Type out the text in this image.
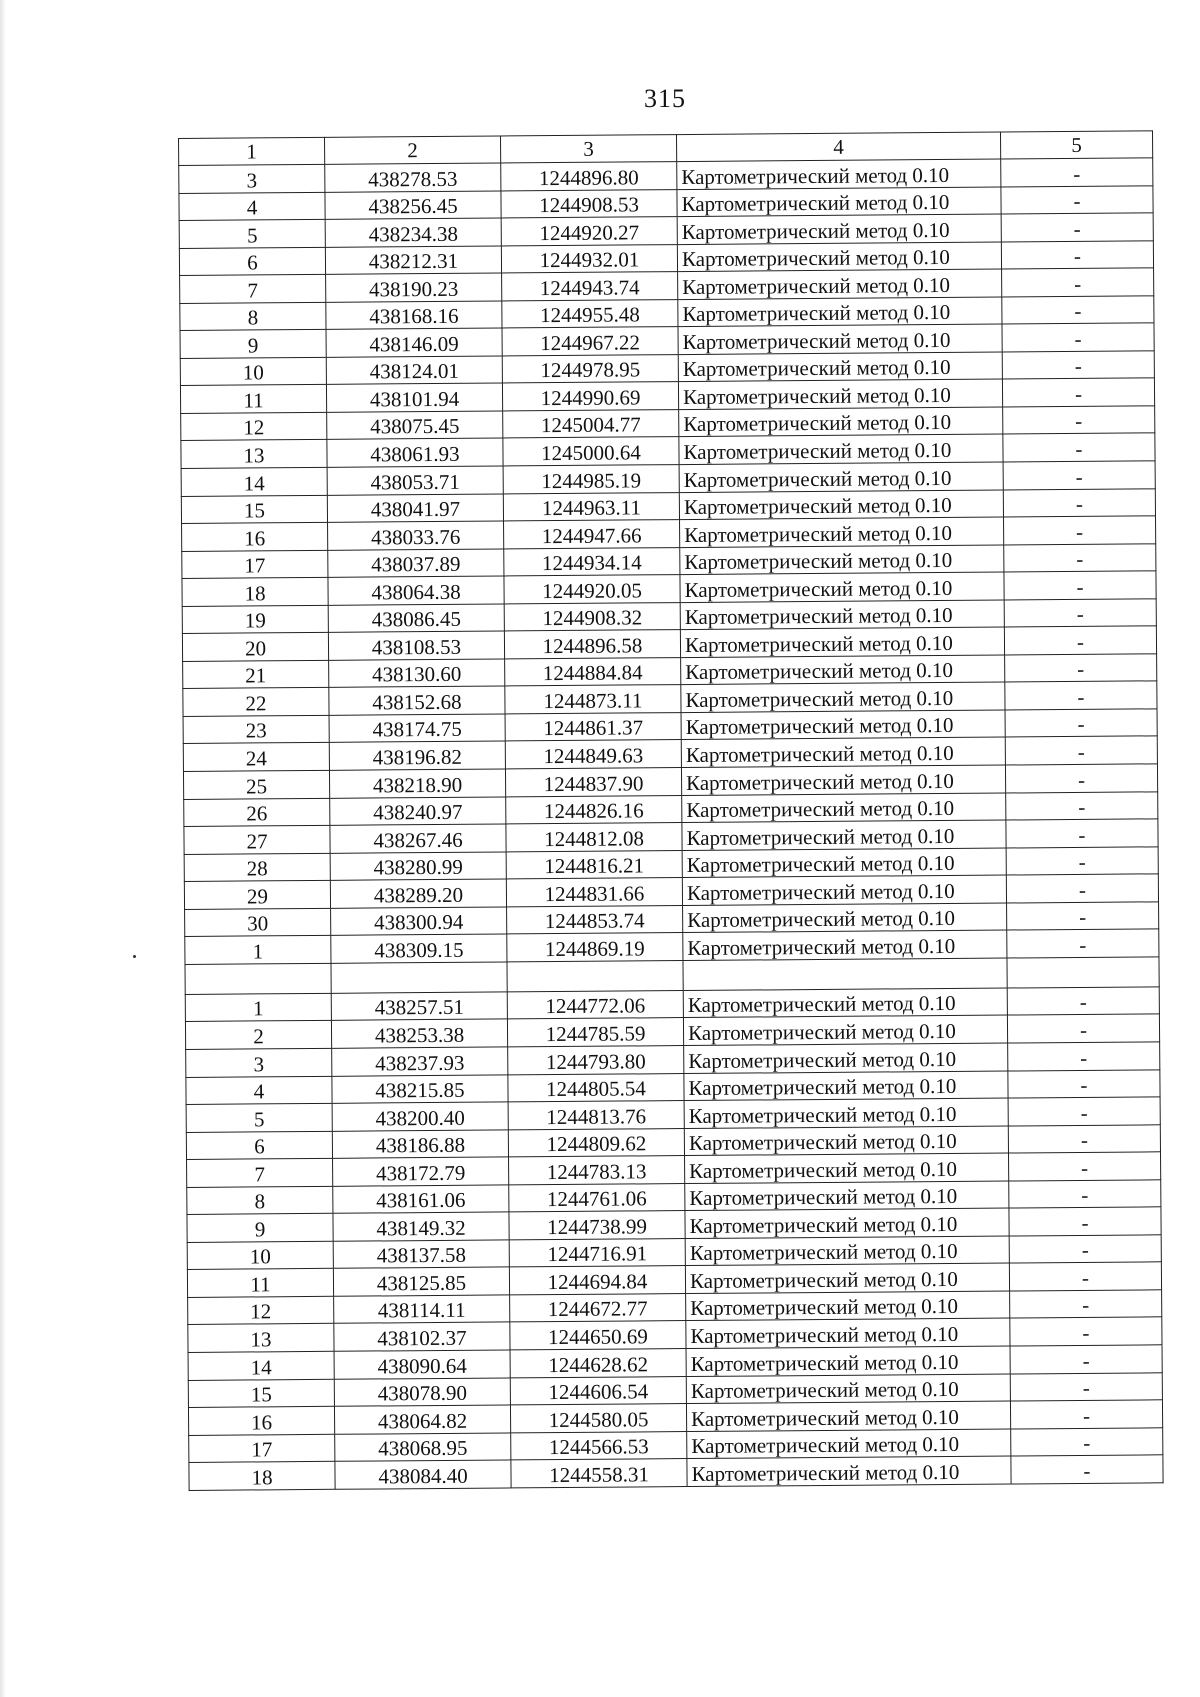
315
1	2	3	4	5
3	438278.53	1244896.80	Картометрический метод 0.10	-
4	438256.45	1244908.53	Картометрический метод 0.10	-
5	438234.38	1244920.27	Картометрический метод 0.10	-
6	438212.31	1244932.01	Картометрический метод 0.10	-
7	438190.23	1244943.74	Картометрический метод 0.10	-
8	438168.16	1244955.48	Картометрический метод 0.10	-
9	438146.09	1244967.22	Картометрический метод 0.10	-
10	438124.01	1244978.95	Картометрический метод 0.10	-
11	438101.94	1244990.69	Картометрический метод 0.10	-
12	438075.45	1245004.77	Картометрический метод 0.10	-
13	438061.93	1245000.64	Картометрический метод 0.10	-
14	438053.71	1244985.19	Картометрический метод 0.10	-
15	438041.97	1244963.11	Картометрический метод 0.10	-
16	438033.76	1244947.66	Картометрический метод 0.10	-
17	438037.89	1244934.14	Картометрический метод 0.10	-
18	438064.38	1244920.05	Картометрический метод 0.10	-
19	438086.45	1244908.32	Картометрический метод 0.10	-
20	438108.53	1244896.58	Картометрический метод 0.10	-
21	438130.60	1244884.84	Картометрический метод 0.10	-
22	438152.68	1244873.11	Картометрический метод 0.10	-
23	438174.75	1244861.37	Картометрический метод 0.10	-
24	438196.82	1244849.63	Картометрический метод 0.10	-
25	438218.90	1244837.90	Картометрический метод 0.10	-
26	438240.97	1244826.16	Картометрический метод 0.10	-
27	438267.46	1244812.08	Картометрический метод 0.10	-
28	438280.99	1244816.21	Картометрический метод 0.10	-
29	438289.20	1244831.66	Картометрический метод 0.10	-
30	438300.94	1244853.74	Картометрический метод 0.10	-
1	438309.15	1244869.19	Картометрический метод 0.10	-

1	438257.51	1244772.06	Картометрический метод 0.10	-
2	438253.38	1244785.59	Картометрический метод 0.10	-
3	438237.93	1244793.80	Картометрический метод 0.10	-
4	438215.85	1244805.54	Картометрический метод 0.10	-
5	438200.40	1244813.76	Картометрический метод 0.10	-
6	438186.88	1244809.62	Картометрический метод 0.10	-
7	438172.79	1244783.13	Картометрический метод 0.10	-
8	438161.06	1244761.06	Картометрический метод 0.10	-
9	438149.32	1244738.99	Картометрический метод 0.10	-
10	438137.58	1244716.91	Картометрический метод 0.10	-
11	438125.85	1244694.84	Картометрический метод 0.10	-
12	438114.11	1244672.77	Картометрический метод 0.10	-
13	438102.37	1244650.69	Картометрический метод 0.10	-
14	438090.64	1244628.62	Картометрический метод 0.10	-
15	438078.90	1244606.54	Картометрический метод 0.10	-
16	438064.82	1244580.05	Картометрический метод 0.10	-
17	438068.95	1244566.53	Картометрический метод 0.10	-
18	438084.40	1244558.31	Картометрический метод 0.10	-
